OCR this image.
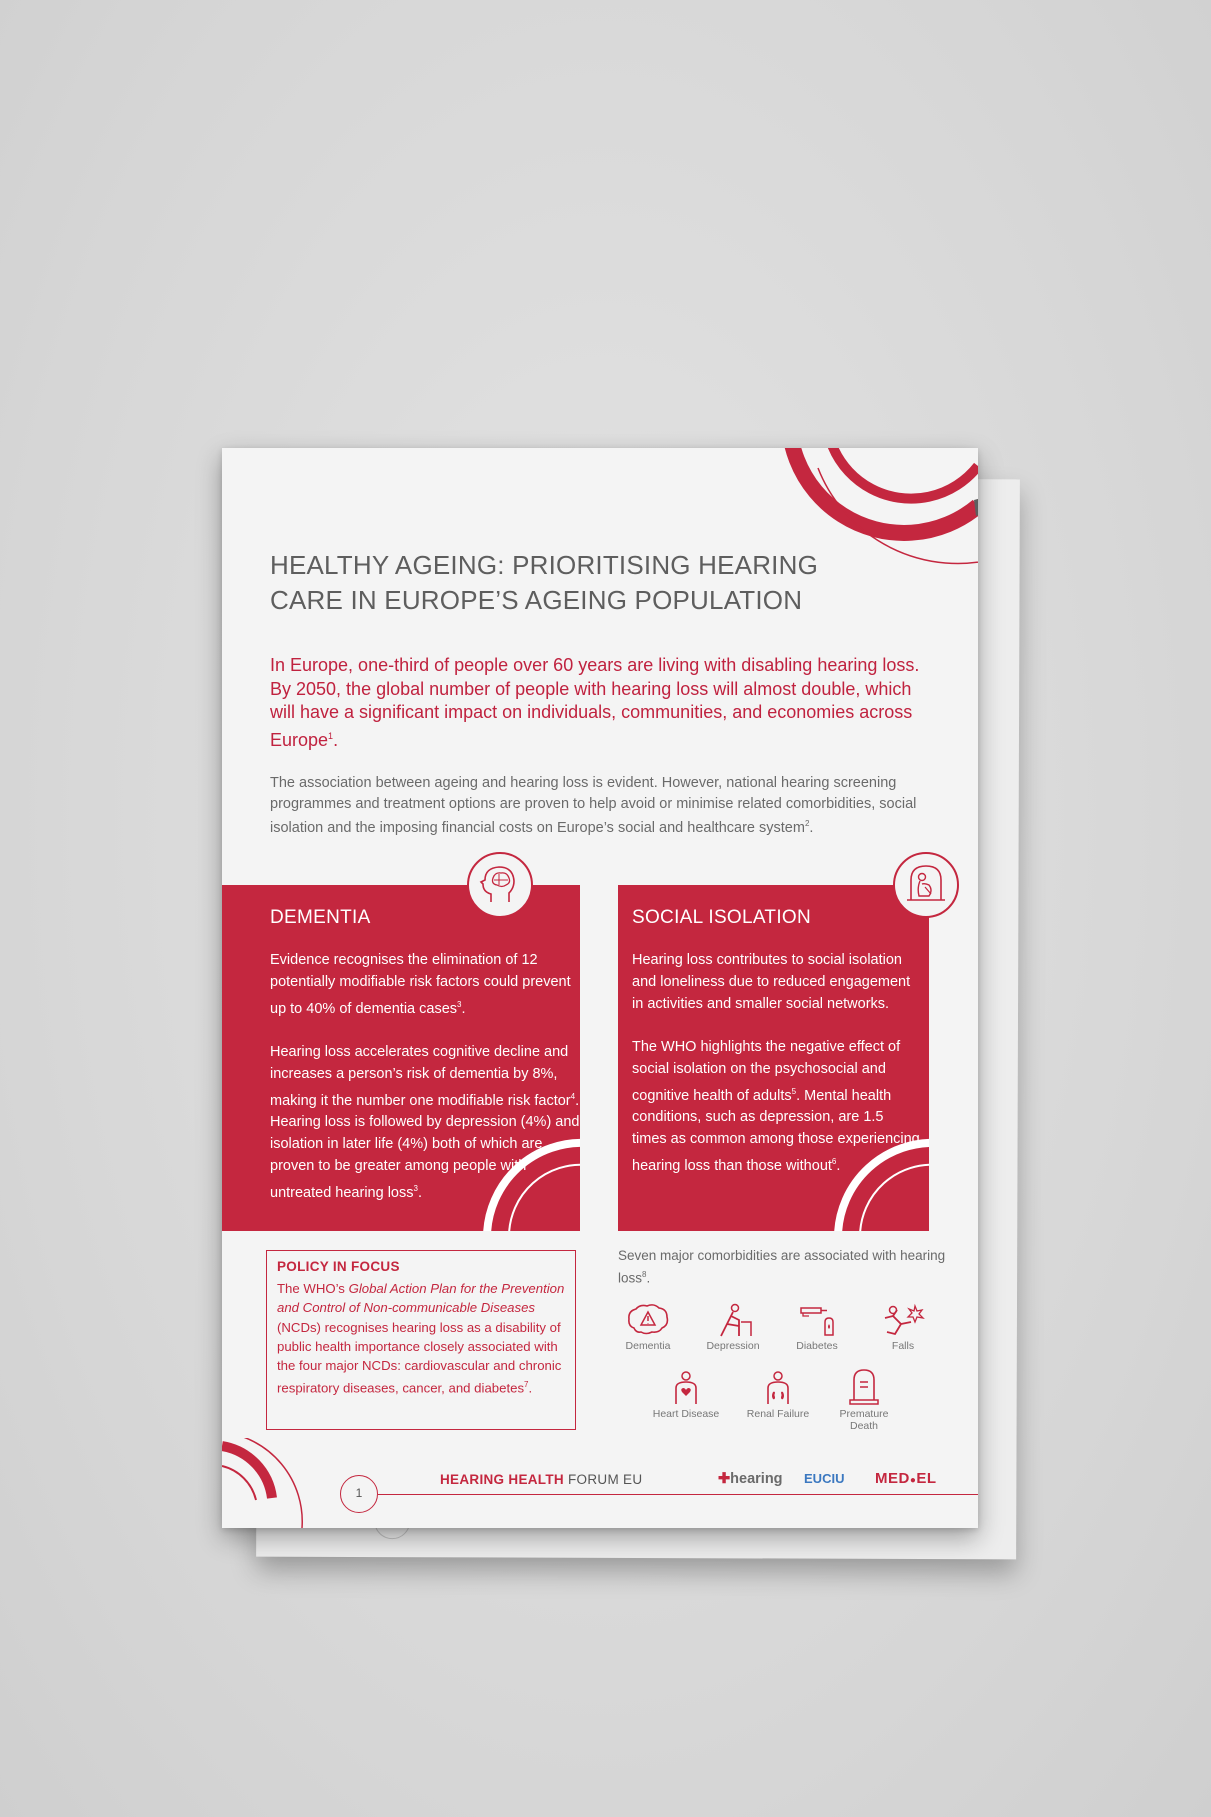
HEALTHY AGEING: PRIORITISING HEARING
CARE IN EUROPE’S AGEING POPULATION

In Europe, one-third of people over 60 years are living with disabling hearing loss. By 2050, the global number of people with hearing loss will almost double, which will have a significant impact on individuals, communities, and economies across Europe$^1$.

The association between ageing and hearing loss is evident. However, national hearing screening programmes and treatment options are proven to help avoid or minimise related comorbidities, social isolation and the imposing financial costs on Europe’s social and healthcare system$^2$.

DEMENTIA

Evidence recognises the elimination of 12 potentially modifiable risk factors could prevent up to 40% of dementia cases$^3$.

Hearing loss accelerates cognitive decline and increases a person’s risk of dementia by 8%, making it the number one modifiable risk factor$^4$. Hearing loss is followed by depression (4%) and isolation in later life (4%) both of which are proven to be greater among people with untreated hearing loss$^3$.

SOCIAL ISOLATION

Hearing loss contributes to social isolation and loneliness due to reduced engagement in activities and smaller social networks.

The WHO highlights the negative effect of social isolation on the psychosocial and cognitive health of adults$^5$. Mental health conditions, such as depression, are 1.5 times as common among those experiencing hearing loss than those without$^6$.

POLICY IN FOCUS
The WHO’s Global Action Plan for the Prevention and Control of Non-communicable Diseases (NCDs) recognises hearing loss as a disability of public health importance closely associated with the four major NCDs: cardiovascular and chronic respiratory diseases, cancer, and diabetes$^7$.

Seven major comorbidities are associated with hearing loss$^8$.

Dementia	Depression	Diabetes	Falls
Heart Disease	Renal Failure	Premature Death
1
HEARING HEALTH FORUM EU	✚hearing EUCIU MED●EL
